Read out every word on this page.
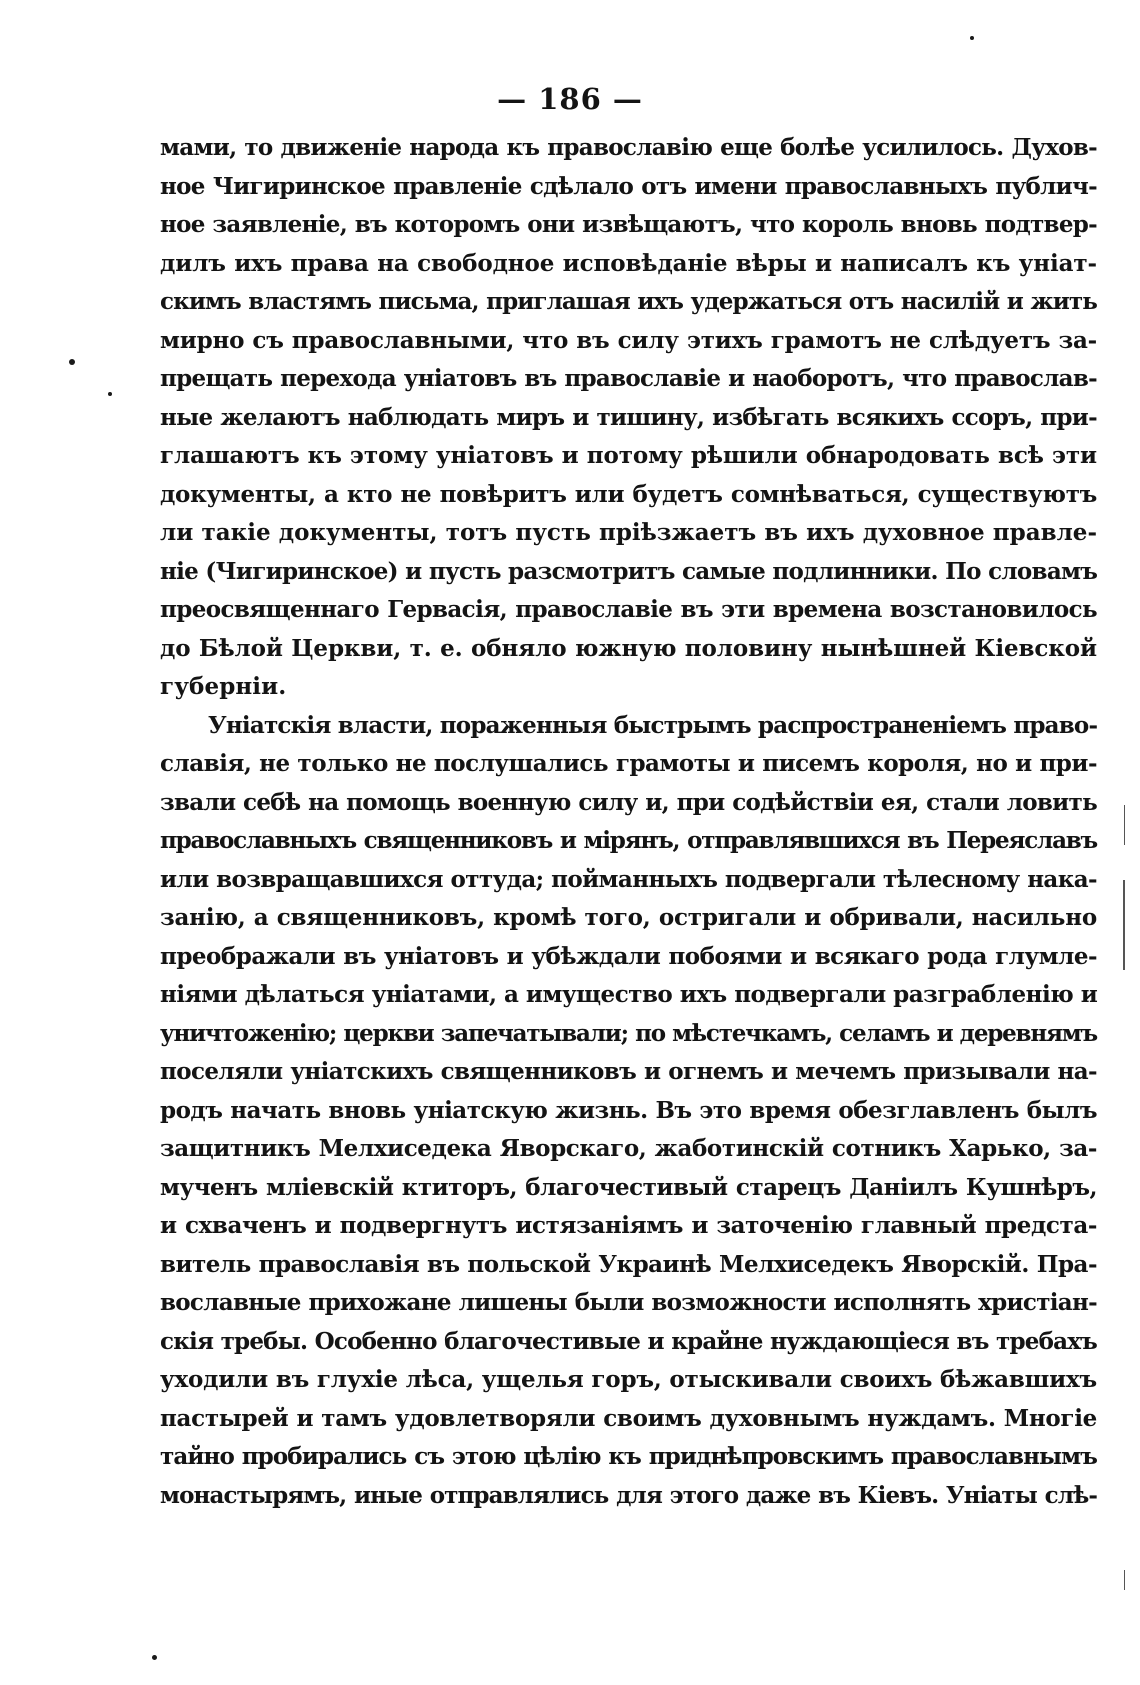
— 186 —
мами, то движеніе народа къ православію еще болѣе усилилось. Духов-
ное Чигиринское правленіе сдѣлало отъ имени православныхъ публич-
ное заявленіе, въ которомъ они извѣщаютъ, что король вновь подтвер-
дилъ ихъ права на свободное исповѣданіе вѣры и написалъ къ уніат-
скимъ властямъ письма, приглашая ихъ удержаться отъ насилій и жить
мирно съ православными, что въ силу этихъ грамотъ не слѣдуетъ за-
прещать перехода уніатовъ въ православіе и наоборотъ, что православ-
ные желаютъ наблюдать миръ и тишину, избѣгать всякихъ ссоръ, при-
глашаютъ къ этому уніатовъ и потому рѣшили обнародовать всѣ эти
документы, а кто не повѣритъ или будетъ сомнѣваться, существуютъ
ли такіе документы, тотъ пусть пріѣзжаетъ въ ихъ духовное правле-
ніе (Чигиринское) и пусть разсмотритъ самые подлинники. По словамъ
преосвященнаго Гервасія, православіе въ эти времена возстановилось
до Бѣлой Церкви, т. е. обняло южную половину нынѣшней Кіевской
губерніи.
Уніатскія власти, пораженныя быстрымъ распространеніемъ право-
славія, не только не послушались грамоты и писемъ короля, но и при-
звали себѣ на помощь военную силу и, при содѣйствіи ея, стали ловить
православныхъ священниковъ и мірянъ, отправлявшихся въ Переяславъ
или возвращавшихся оттуда; пойманныхъ подвергали тѣлесному нака-
занію, а священниковъ, кромѣ того, остригали и обривали, насильно
преображали въ уніатовъ и убѣждали побоями и всякаго рода глумле-
ніями дѣлаться уніатами, а имущество ихъ подвергали разграбленію и
уничтоженію; церкви запечатывали; по мѣстечкамъ, селамъ и деревнямъ
поселяли уніатскихъ священниковъ и огнемъ и мечемъ призывали на-
родъ начать вновь уніатскую жизнь. Въ это время обезглавленъ былъ
защитникъ Мелхиседека Яворскаго, жаботинскій сотникъ Харько, за-
мученъ мліевскій ктиторъ, благочестивый старецъ Даніилъ Кушнѣръ,
и схваченъ и подвергнутъ истязаніямъ и заточенію главный предста-
витель православія въ польской Украинѣ Мелхиседекъ Яворскій. Пра-
вославные прихожане лишены были возможности исполнять христіан-
скія требы. Особенно благочестивые и крайне нуждающіеся въ требахъ
уходили въ глухіе лѣса, ущелья горъ, отыскивали своихъ бѣжавшихъ
пастырей и тамъ удовлетворяли своимъ духовнымъ нуждамъ. Многіе
тайно пробирались съ этою цѣлію къ приднѣпровскимъ православнымъ
монастырямъ, иные отправлялись для этого даже въ Кіевъ. Уніаты слѣ-
